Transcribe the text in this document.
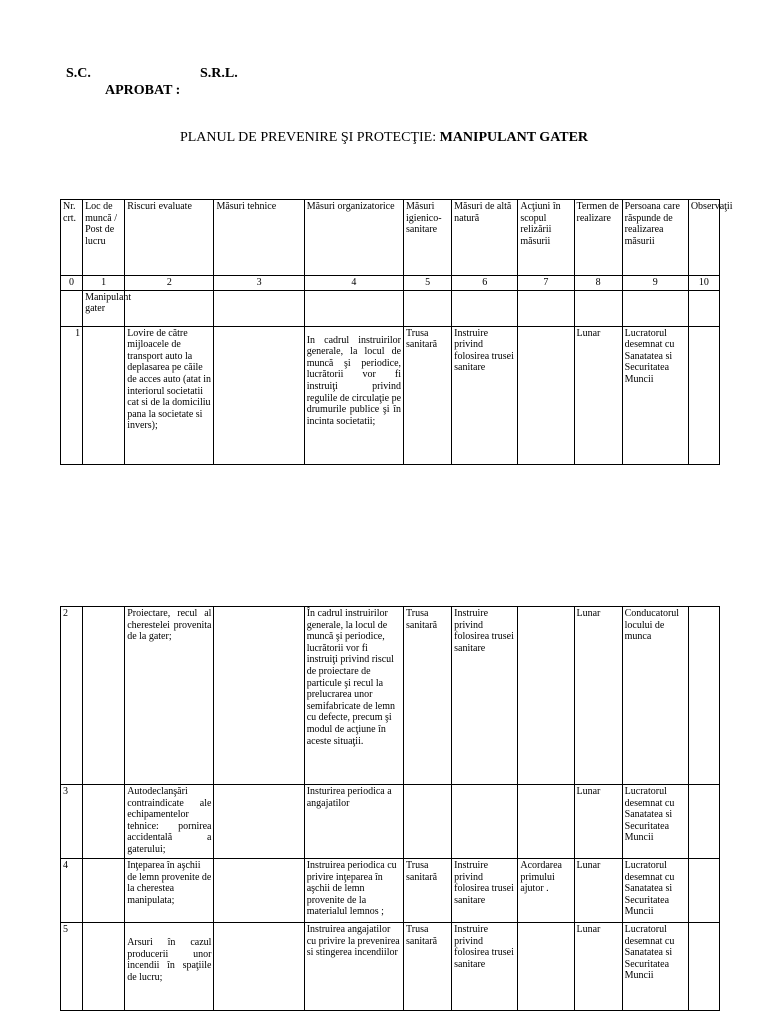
S.C.	S.R.L.
APROBAT :
PLANUL DE PREVENIRE ŞI PROTECŢIE: MANIPULANT GATER
Nr. crt.	Loc de muncă / Post de lucru	Riscuri evaluate	Măsuri tehnice	Măsuri organizatorice	Măsuri igienico-sanitare	Măsuri de altă natură	Acţiuni în scopul relizării măsurii	Termen de realizare	Persoana care răspunde de realizarea măsurii	Observaţii
0	1	2	3	4	5	6	7	8	9	10
	Manipulant gater									
1		Lovire de către mijloacele de transport auto la deplasarea pe căile de acces auto (atat in interiorul societatii cat si de la domiciliu pana la societate si invers);		In cadrul instruirilor generale, la locul de muncă şi periodice, lucrătorii vor fi instruiţi privind regulile de circulaţie pe drumurile publice şi în incinta societatii;	Trusa sanitară	Instruire privind folosirea trusei sanitare		Lunar	Lucratorul desemnat cu Sanatatea si Securitatea Muncii	
2		Proiectare, recul al cherestelei provenita de la gater;		În cadrul instruirilor generale, la locul de muncă şi periodice, lucrătorii vor fi instruiţi privind riscul de proiectare de particule şi recul la prelucrarea unor semifabricate de lemn cu defecte, precum şi modul de acţiune în aceste situaţii.	Trusa sanitară	Instruire privind folosirea trusei sanitare		Lunar	Conducatorul locului de munca	
3		Autodeclanşări contraindicate ale echipamentelor tehnice: pornirea accidentală a gaterului;		Insturirea periodica a angajatilor				Lunar	Lucratorul desemnat cu Sanatatea si Securitatea Muncii	
4		Inţeparea în aşchii de lemn provenite de la cherestea manipulata;		Instruirea periodica cu privire inţeparea în aşchii de lemn provenite de la materialul lemnos ;	Trusa sanitară	Instruire privind folosirea trusei sanitare	Acordarea primului ajutor .	Lunar	Lucratorul desemnat cu Sanatatea si Securitatea Muncii	
5		Arsuri în cazul producerii unor incendii în spaţiile de lucru;		Instruirea angajatilor cu privire la prevenirea si stingerea incendiilor	Trusa sanitară	Instruire privind folosirea trusei sanitare		Lunar	Lucratorul desemnat cu Sanatatea si Securitatea Muncii	
